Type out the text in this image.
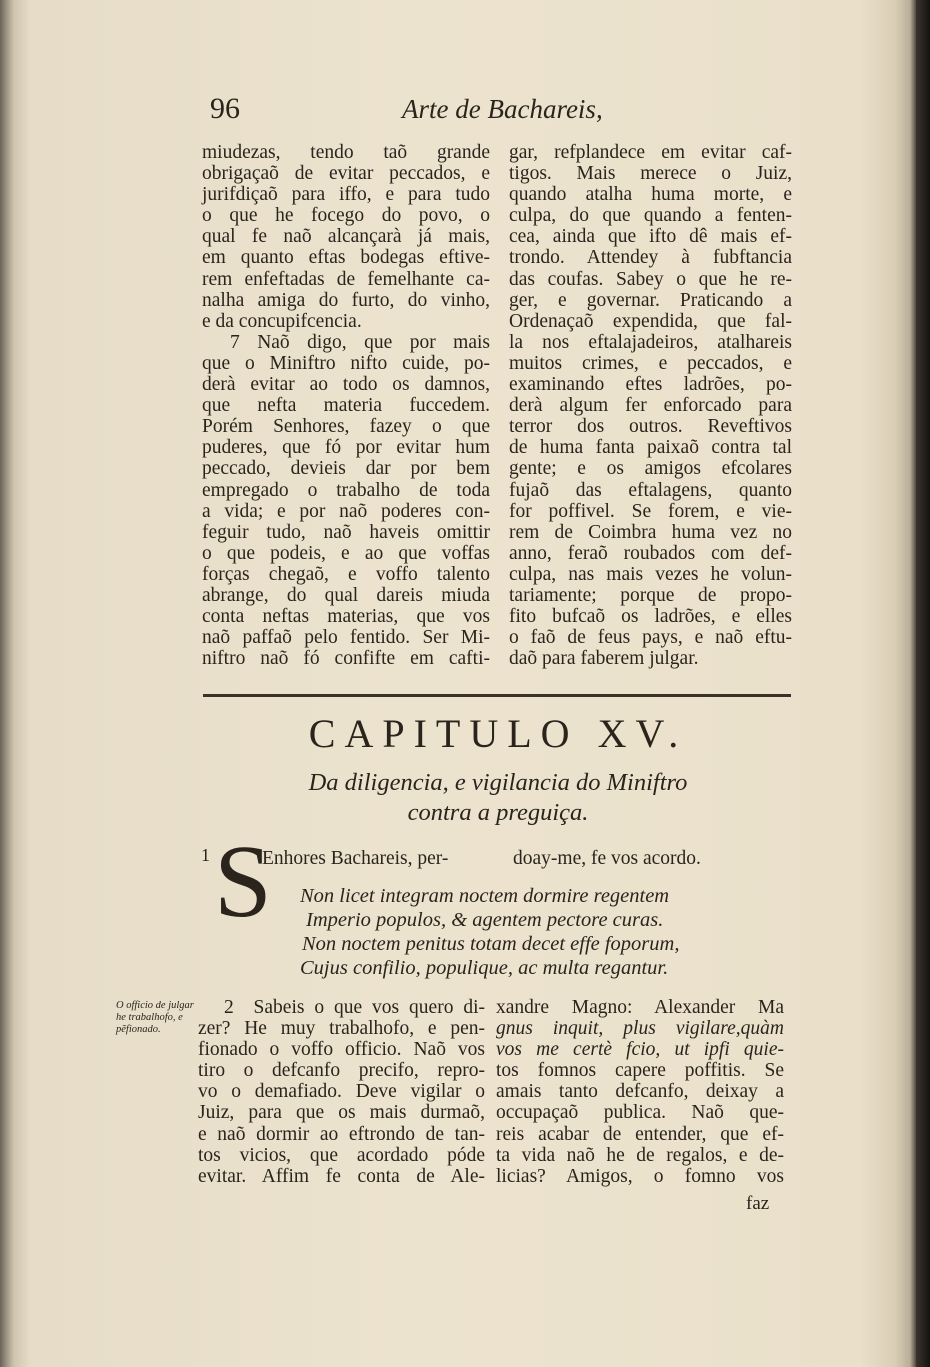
96	Arte de Bachareis,
miudezas, tendo taõ grande
obrigaçaõ de evitar peccados, e
jurifdiçaõ para iffo, e para tudo
o que he focego do povo, o
qual fe naõ alcançarà já mais,
em quanto eftas bodegas eftive-
rem enfeftadas de femelhante ca-
nalha amiga do furto, do vinho,
e da concupifcencia.
7 Naõ digo, que por mais
que o Miniftro nifto cuide, po-
derà evitar ao todo os damnos,
que nefta materia fuccedem.
Porém Senhores, fazey o que
puderes, que fó por evitar hum
peccado, devieis dar por bem
empregado o trabalho de toda
a vida; e por naõ poderes con-
feguir tudo, naõ haveis omittir
o que podeis, e ao que voffas
forças chegaõ, e voffo talento
abrange, do qual dareis miuda
conta neftas materias, que vos
naõ paffaõ pelo fentido. Ser Mi-
niftro naõ fó confifte em cafti-
gar, refplandece em evitar caf-
tigos. Mais merece o Juiz,
quando atalha huma morte, e
culpa, do que quando a fenten-
cea, ainda que ifto dê mais ef-
trondo. Attendey à fubftancia
das coufas. Sabey o que he re-
ger, e governar. Praticando a
Ordenaçaõ expendida, que fal-
la nos eftalajadeiros, atalhareis
muitos crimes, e peccados, e
examinando eftes ladrões, po-
derà algum fer enforcado para
terror dos outros. Reveftivos
de huma fanta paixaõ contra tal
gente; e os amigos efcolares
fujaõ das eftalagens, quanto
for poffivel. Se forem, e vie-
rem de Coimbra huma vez no
anno, feraõ roubados com def-
culpa, nas mais vezes he volun-
tariamente; porque de propo-
fito bufcaõ os ladrões, e elles
o faõ de feus pays, e naõ eftu-
daõ para faberem julgar.
CAPITULO XV.
Da diligencia, e vigilancia do Miniftro
contra a preguiça.
1 S
Enhores Bachareis, per-	doay-me, fe vos acordo.
Non licet integram noctem dormire regentem
Imperio populos, & agentem pectore curas.
Non noctem penitus totam decet effe foporum,
Cujus confilio, populique, ac multa regantur.
O officio de julgar he trabalhofo, e pẽfionado.
2 Sabeis o que vos quero di-
zer? He muy trabalhofo, e pen-
fionado o voffo officio. Naõ vos
tiro o defcanfo precifo, repro-
vo o demafiado. Deve vigilar o
Juiz, para que os mais durmaõ,
e naõ dormir ao eftrondo de tan-
tos vicios, que acordado póde
evitar. Affim fe conta de Ale-
xandre Magno: Alexander Ma
gnus inquit, plus vigilare,quàm
vos me certè fcio, ut ipfi quie-
tos fomnos capere poffitis. Se
amais tanto defcanfo, deixay a
occupaçaõ publica. Naõ que-
reis acabar de entender, que ef-
ta vida naõ he de regalos, e de-
licias? Amigos, o fomno vos
faz
